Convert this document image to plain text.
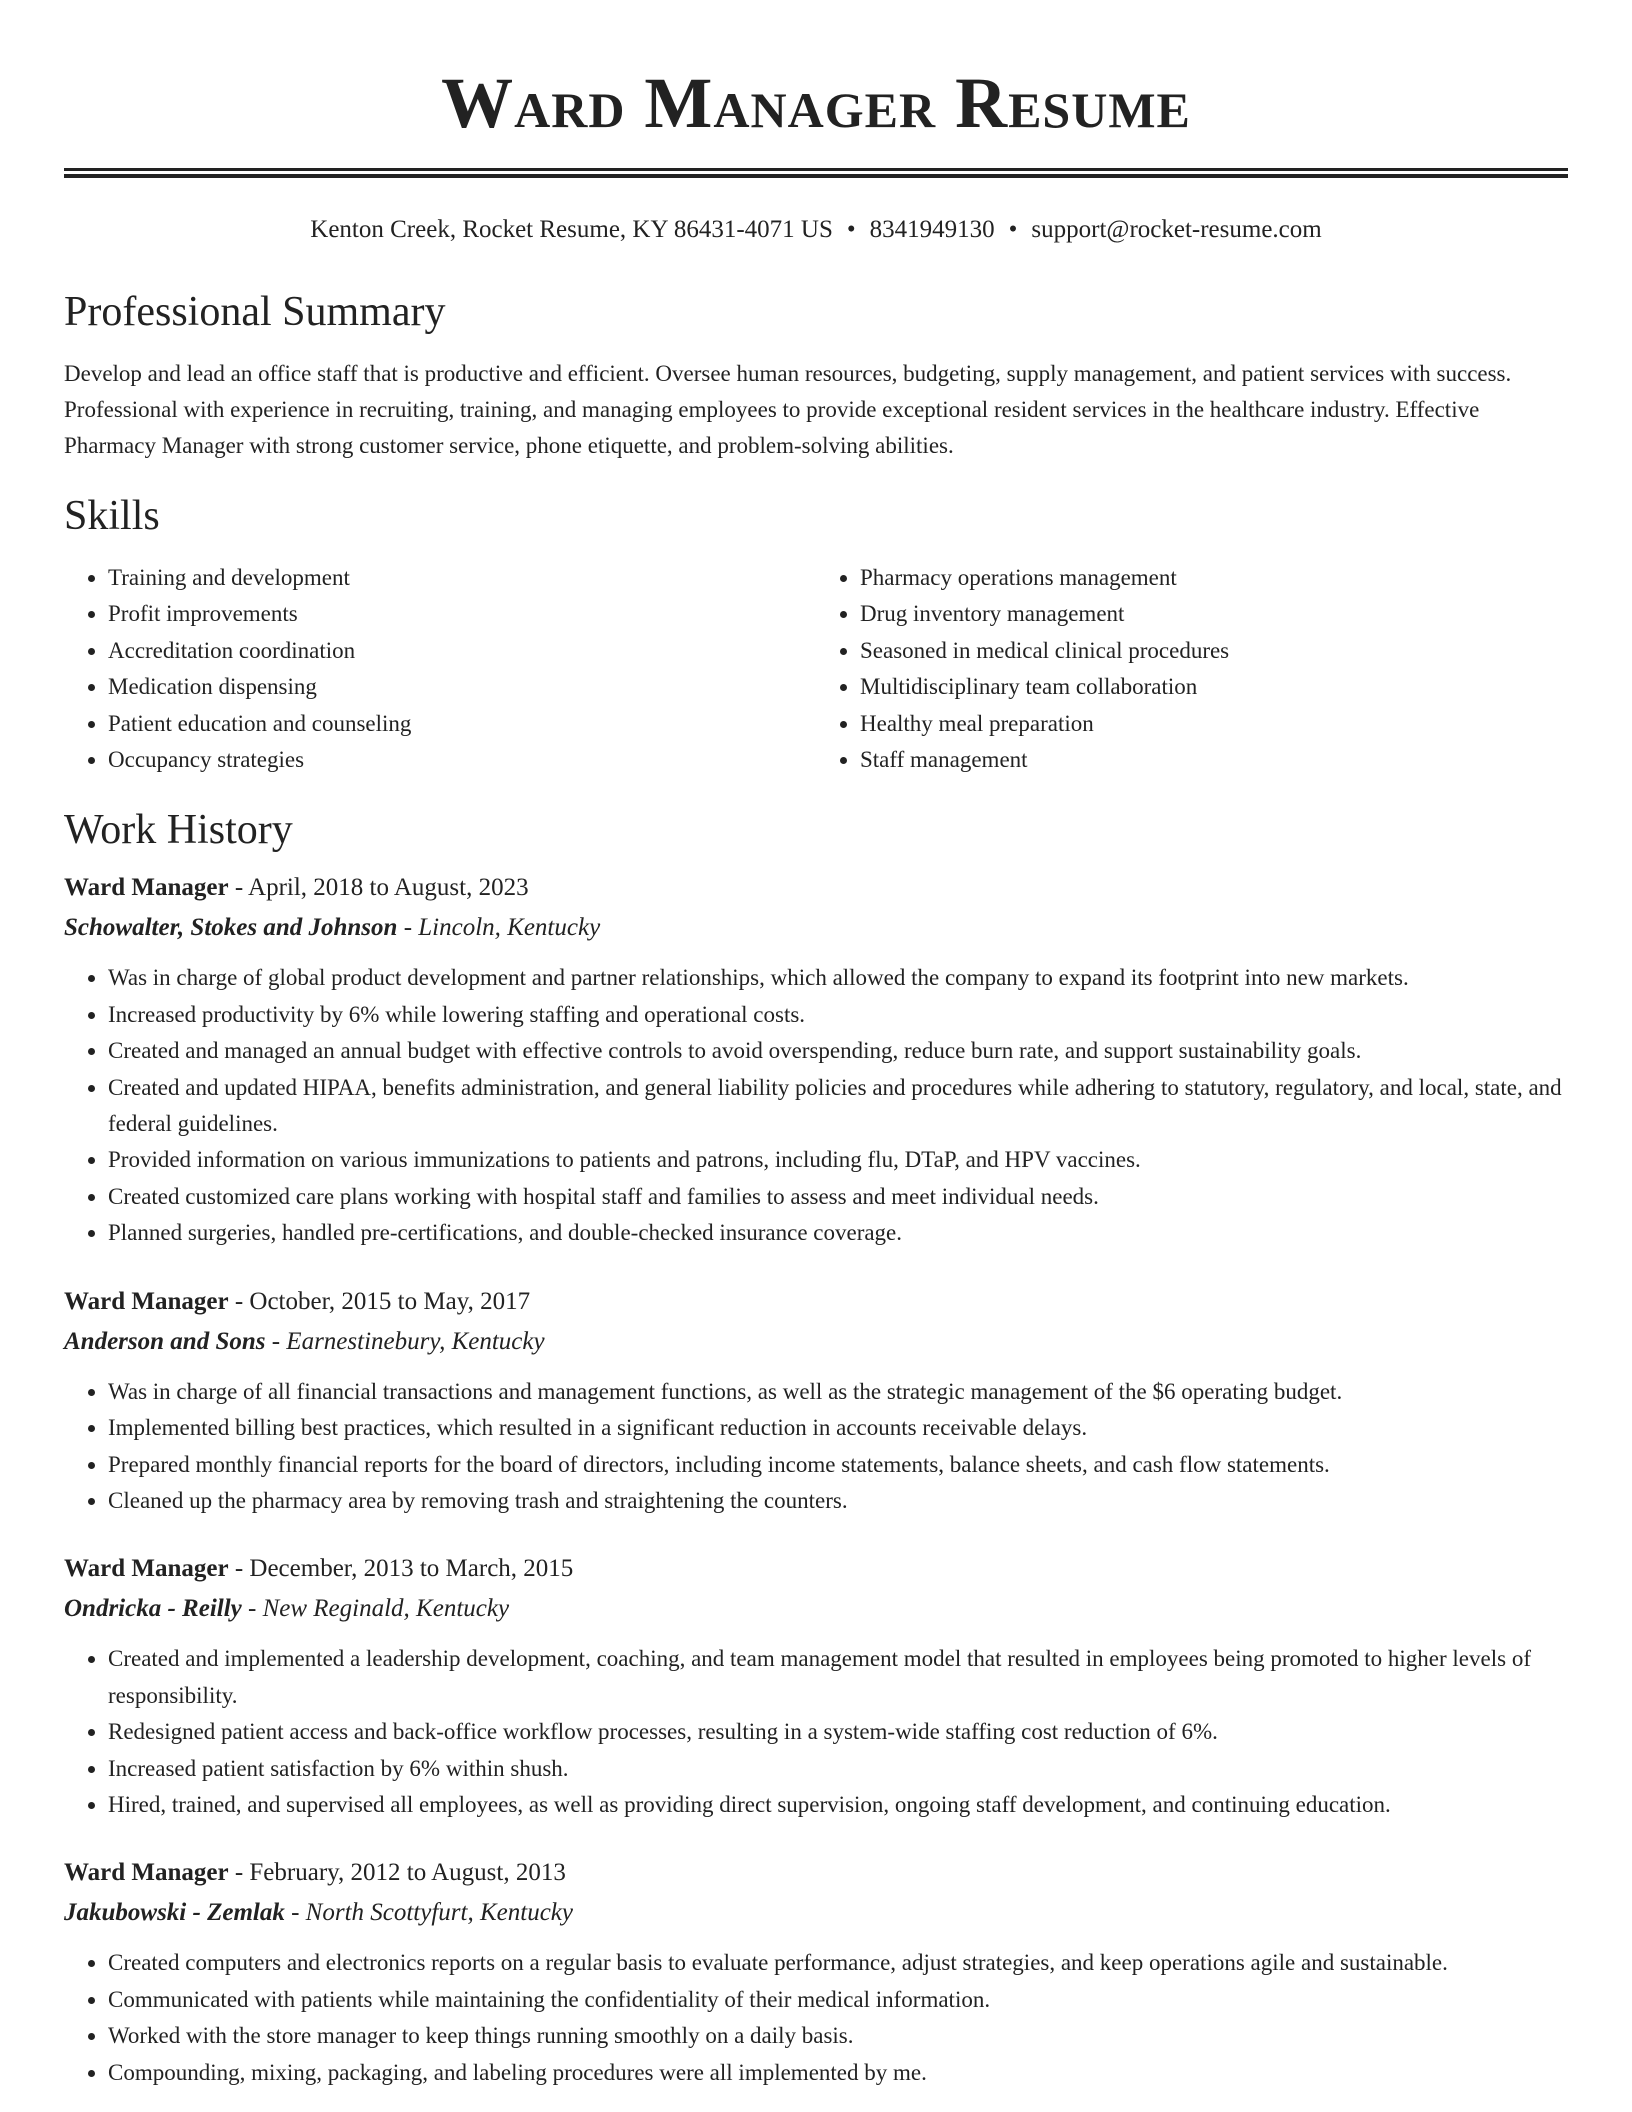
Ward Manager Resume
Kenton Creek, Rocket Resume, KY 86431-4071 US • 8341949130 • support@rocket-resume.com
Professional Summary

Develop and lead an office staff that is productive and efficient. Oversee human resources, budgeting, supply management, and patient services with success. Professional with experience in recruiting, training, and managing employees to provide exceptional resident services in the healthcare industry. Effective Pharmacy Manager with strong customer service, phone etiquette, and problem-solving abilities.

Skills
• Training and development
• Profit improvements
• Accreditation coordination
• Medication dispensing
• Patient education and counseling
• Occupancy strategies
• Pharmacy operations management
• Drug inventory management
• Seasoned in medical clinical procedures
• Multidisciplinary team collaboration
• Healthy meal preparation
• Staff management
Work History
Ward Manager - April, 2018 to August, 2023
Schowalter, Stokes and Johnson - Lincoln, Kentucky
• Was in charge of global product development and partner relationships, which allowed the company to expand its footprint into new markets.
• Increased productivity by 6% while lowering staffing and operational costs.
• Created and managed an annual budget with effective controls to avoid overspending, reduce burn rate, and support sustainability goals.
• Created and updated HIPAA, benefits administration, and general liability policies and procedures while adhering to statutory, regulatory, and local, state, and federal guidelines.
• Provided information on various immunizations to patients and patrons, including flu, DTaP, and HPV vaccines.
• Created customized care plans working with hospital staff and families to assess and meet individual needs.
• Planned surgeries, handled pre-certifications, and double-checked insurance coverage.
Ward Manager - October, 2015 to May, 2017
Anderson and Sons - Earnestinebury, Kentucky
• Was in charge of all financial transactions and management functions, as well as the strategic management of the $6 operating budget.
• Implemented billing best practices, which resulted in a significant reduction in accounts receivable delays.
• Prepared monthly financial reports for the board of directors, including income statements, balance sheets, and cash flow statements.
• Cleaned up the pharmacy area by removing trash and straightening the counters.
Ward Manager - December, 2013 to March, 2015
Ondricka - Reilly - New Reginald, Kentucky
• Created and implemented a leadership development, coaching, and team management model that resulted in employees being promoted to higher levels of responsibility.
• Redesigned patient access and back-office workflow processes, resulting in a system-wide staffing cost reduction of 6%.
• Increased patient satisfaction by 6% within shush.
• Hired, trained, and supervised all employees, as well as providing direct supervision, ongoing staff development, and continuing education.
Ward Manager - February, 2012 to August, 2013
Jakubowski - Zemlak - North Scottyfurt, Kentucky
• Created computers and electronics reports on a regular basis to evaluate performance, adjust strategies, and keep operations agile and sustainable.
• Communicated with patients while maintaining the confidentiality of their medical information.
• Worked with the store manager to keep things running smoothly on a daily basis.
• Compounding, mixing, packaging, and labeling procedures were all implemented by me.
